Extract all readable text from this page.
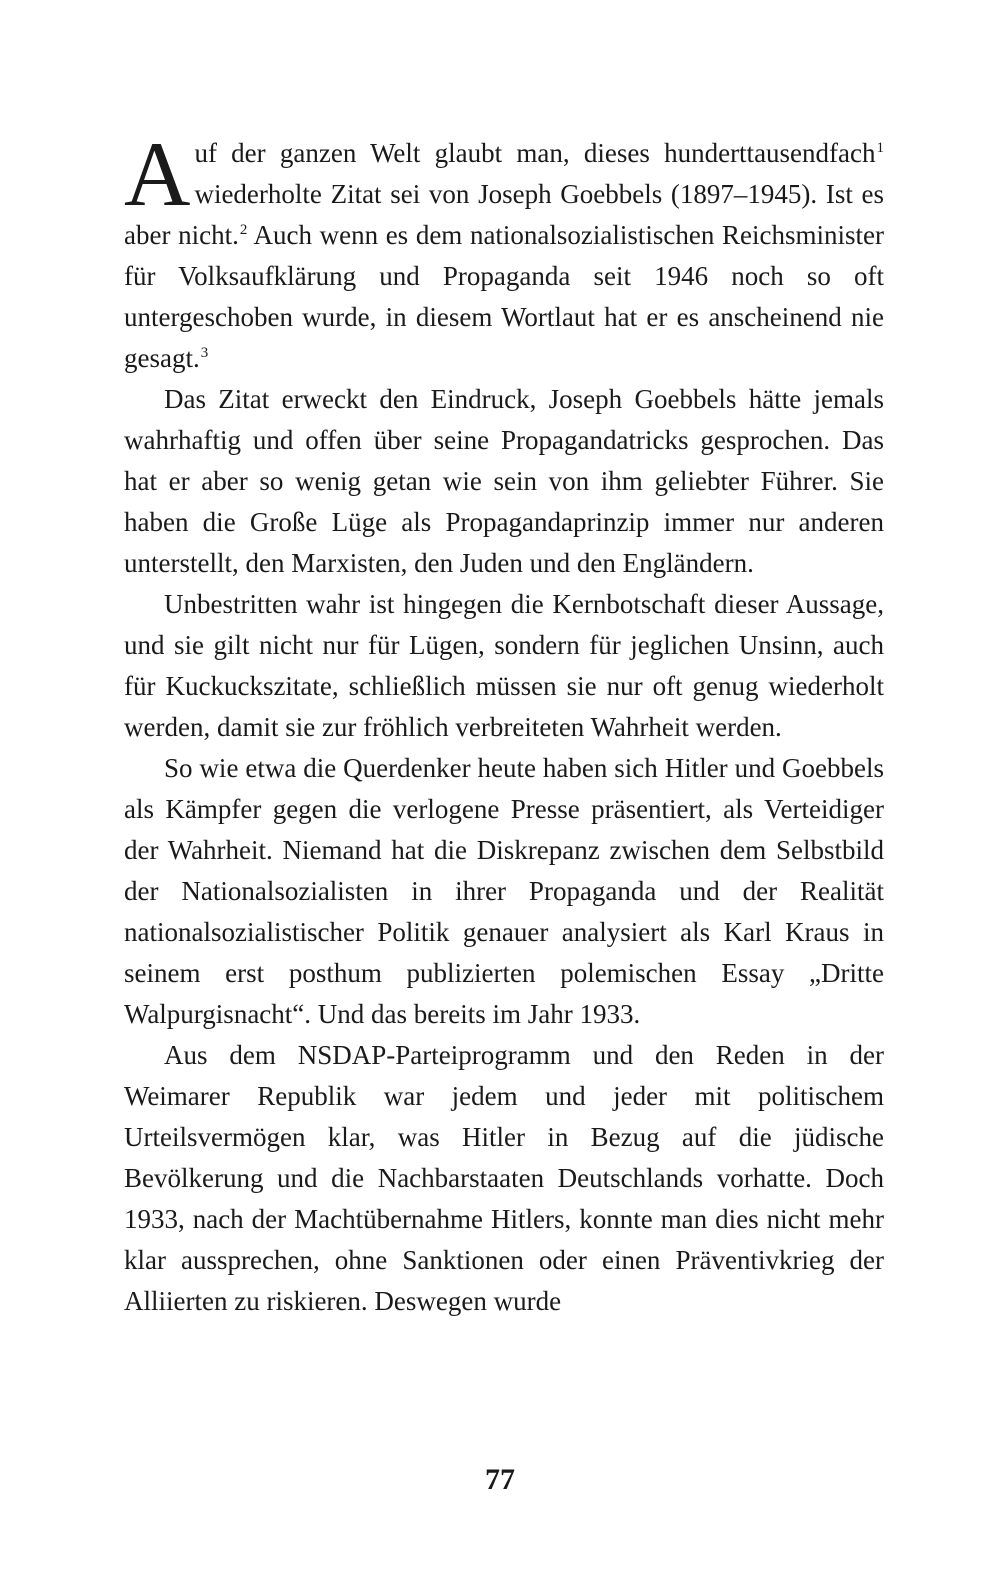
Auf der ganzen Welt glaubt man, dieses hunderttausendfach$^1$ wiederholte Zitat sei von Joseph Goebbels (1897–1945). Ist es aber nicht.$^2$ Auch wenn es dem nationalsozialistischen Reichsminister für Volksaufklärung und Propaganda seit 1946 noch so oft untergeschoben wurde, in diesem Wortlaut hat er es anscheinend nie gesagt.$^3$

Das Zitat erweckt den Eindruck, Joseph Goebbels hätte jemals wahrhaftig und offen über seine Propagandatricks gesprochen. Das hat er aber so wenig getan wie sein von ihm geliebter Führer. Sie haben die Große Lüge als Propagandaprinzip immer nur anderen unterstellt, den Marxisten, den Juden und den Engländern.

Unbestritten wahr ist hingegen die Kernbotschaft dieser Aussage, und sie gilt nicht nur für Lügen, sondern für jeglichen Unsinn, auch für Kuckuckszitate, schließlich müssen sie nur oft genug wiederholt werden, damit sie zur fröhlich verbreiteten Wahrheit werden.

So wie etwa die Querdenker heute haben sich Hitler und Goebbels als Kämpfer gegen die verlogene Presse präsentiert, als Verteidiger der Wahrheit. Niemand hat die Diskrepanz zwischen dem Selbstbild der Nationalsozialisten in ihrer Propaganda und der Realität nationalsozialistischer Politik genauer analysiert als Karl Kraus in seinem erst posthum publizierten polemischen Essay „Dritte Walpurgisnacht“. Und das bereits im Jahr 1933.

Aus dem NSDAP-Parteiprogramm und den Reden in der Weimarer Republik war jedem und jeder mit politischem Urteilsvermögen klar, was Hitler in Bezug auf die jüdische Bevölkerung und die Nachbarstaaten Deutschlands vorhatte. Doch 1933, nach der Machtübernahme Hitlers, konnte man dies nicht mehr klar aussprechen, ohne Sanktionen oder einen Präventivkrieg der Alliierten zu riskieren. Deswegen wurde

77
